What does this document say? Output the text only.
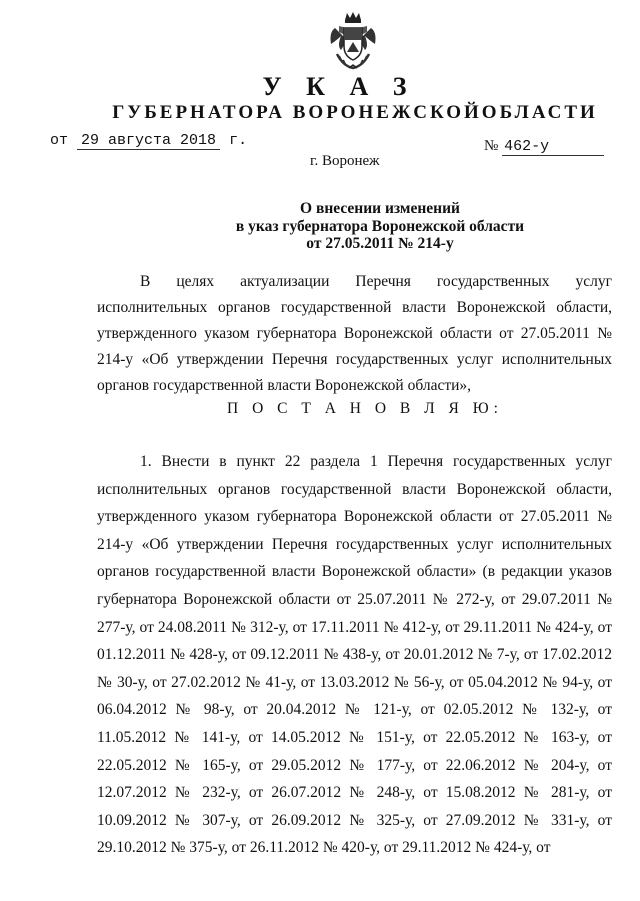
У К А З
ГУБЕРНАТОРА ВОРОНЕЖСКОЙОБЛАСТИ
от 29 августа 2018 г.	№ 462-у
г. Воронеж
О внесении изменений
в указ губернатора Воронежской области
от 27.05.2011 № 214-у
В целях актуализации Перечня государственных услуг исполнительных органов государственной власти Воронежской области, утвержденного указом губернатора Воронежской области от 27.05.2011 № 214-у «Об утверждении Перечня государственных услуг исполнительных органов государственной власти Воронежской области»,
П О С Т А Н О В Л Я Ю:
1. Внести в пункт 22 раздела 1 Перечня государственных услуг исполнительных органов государственной власти Воронежской области, утвержденного указом губернатора Воронежской области от 27.05.2011 № 214-у «Об утверждении Перечня государственных услуг исполнительных органов государственной власти Воронежской области» (в редакции указов губернатора Воронежской области от 25.07.2011 № 272-у, от 29.07.2011 № 277-у, от 24.08.2011 № 312-у, от 17.11.2011 № 412-у, от 29.11.2011 № 424-у, от 01.12.2011 № 428-у, от 09.12.2011 № 438-у, от 20.01.2012 № 7-у, от 17.02.2012 № 30-у, от 27.02.2012 № 41-у, от 13.03.2012 № 56-у, от 05.04.2012 № 94-у, от 06.04.2012 № 98-у, от 20.04.2012 № 121-у, от 02.05.2012 № 132-у, от 11.05.2012 № 141-у, от 14.05.2012 № 151-у, от 22.05.2012 № 163-у, от 22.05.2012 № 165-у, от 29.05.2012 № 177-у, от 22.06.2012 № 204-у, от 12.07.2012 № 232-у, от 26.07.2012 № 248-у, от 15.08.2012 № 281-у, от 10.09.2012 № 307-у, от 26.09.2012 № 325-у, от 27.09.2012 № 331-у, от 29.10.2012 № 375-у, от 26.11.2012 № 420-у, от 29.11.2012 № 424-у, от
